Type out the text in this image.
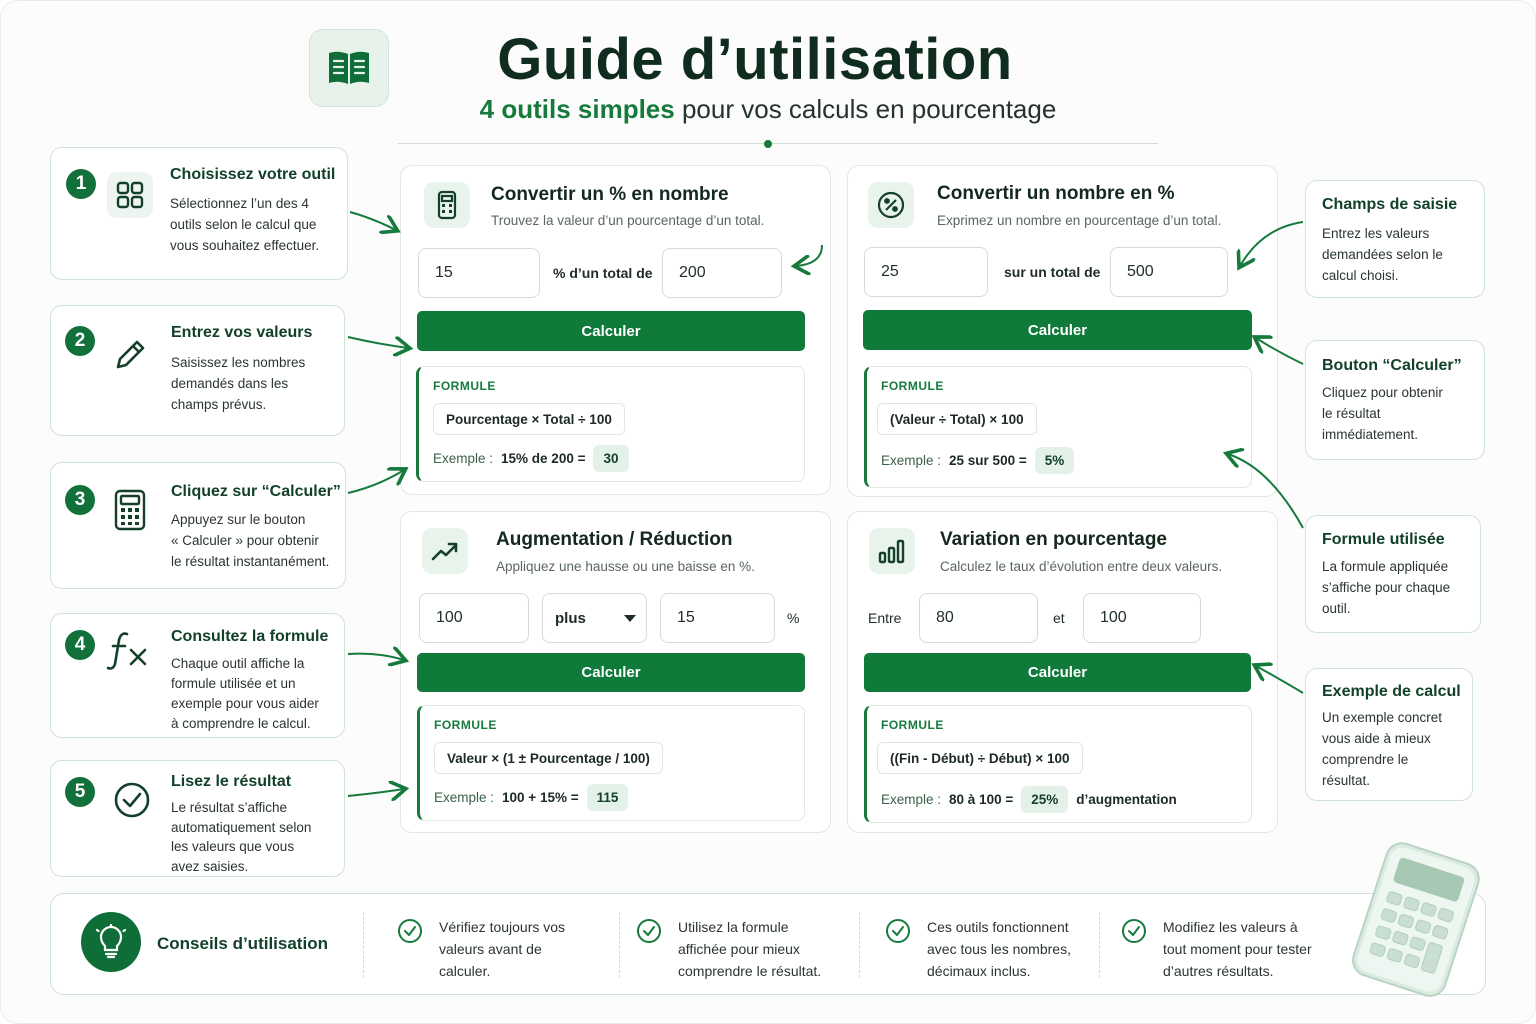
Guide d’utilisation
4 outils simples pour vos calculs en pourcentage
1	Choisissez votre outil
Sélectionnez l’un des 4
outils selon le calcul que
vous souhaitez effectuer.
2	Entrez vos valeurs
Saisissez les nombres
demandés dans les
champs prévus.
3	Cliquez sur “Calculer”
Appuyez sur le bouton
« Calculer » pour obtenir
le résultat instantanément.
4	Consultez la formule
Chaque outil affiche la
formule utilisée et un
exemple pour vous aider
à comprendre le calcul.
5	Lisez le résultat
Le résultat s’affiche
automatiquement selon
les valeurs que vous
avez saisies.
Convertir un % en nombre
Trouvez la valeur d’un pourcentage d’un total.
15
% d’un total de
200
Calculer
FORMULE
Pourcentage × Total ÷ 100
Exemple : 15% de 200 =	30
Convertir un nombre en %
Exprimez un nombre en pourcentage d’un total.
25
sur un total de
500
Calculer
FORMULE
(Valeur ÷ Total) × 100
Exemple : 25 sur 500 =	5%
Augmentation / Réduction
Appliquez une hausse ou une baisse en %.
100
plus
15	%
Calculer
FORMULE
Valeur × (1 ± Pourcentage / 100)
Exemple : 100 + 15% =	115
Variation en pourcentage
Calculez le taux d’évolution entre deux valeurs.
Entre
80	et
100
Calculer
FORMULE
((Fin - Début) ÷ Début) × 100
Exemple : 80 à 100 =	25%	d’augmentation
Champs de saisie
Entrez les valeurs
demandées selon le
calcul choisi.
Bouton “Calculer”
Cliquez pour obtenir
le résultat
immédiatement.
Formule utilisée
La formule appliquée
s’affiche pour chaque
outil.
Exemple de calcul
Un exemple concret
vous aide à mieux
comprendre le
résultat.
Conseils d’utilisation
Vérifiez toujours vos
valeurs avant de
calculer.
Utilisez la formule
affichée pour mieux
comprendre le résultat.
Ces outils fonctionnent
avec tous les nombres,
décimaux inclus.
Modifiez les valeurs à
tout moment pour tester
d’autres résultats.
